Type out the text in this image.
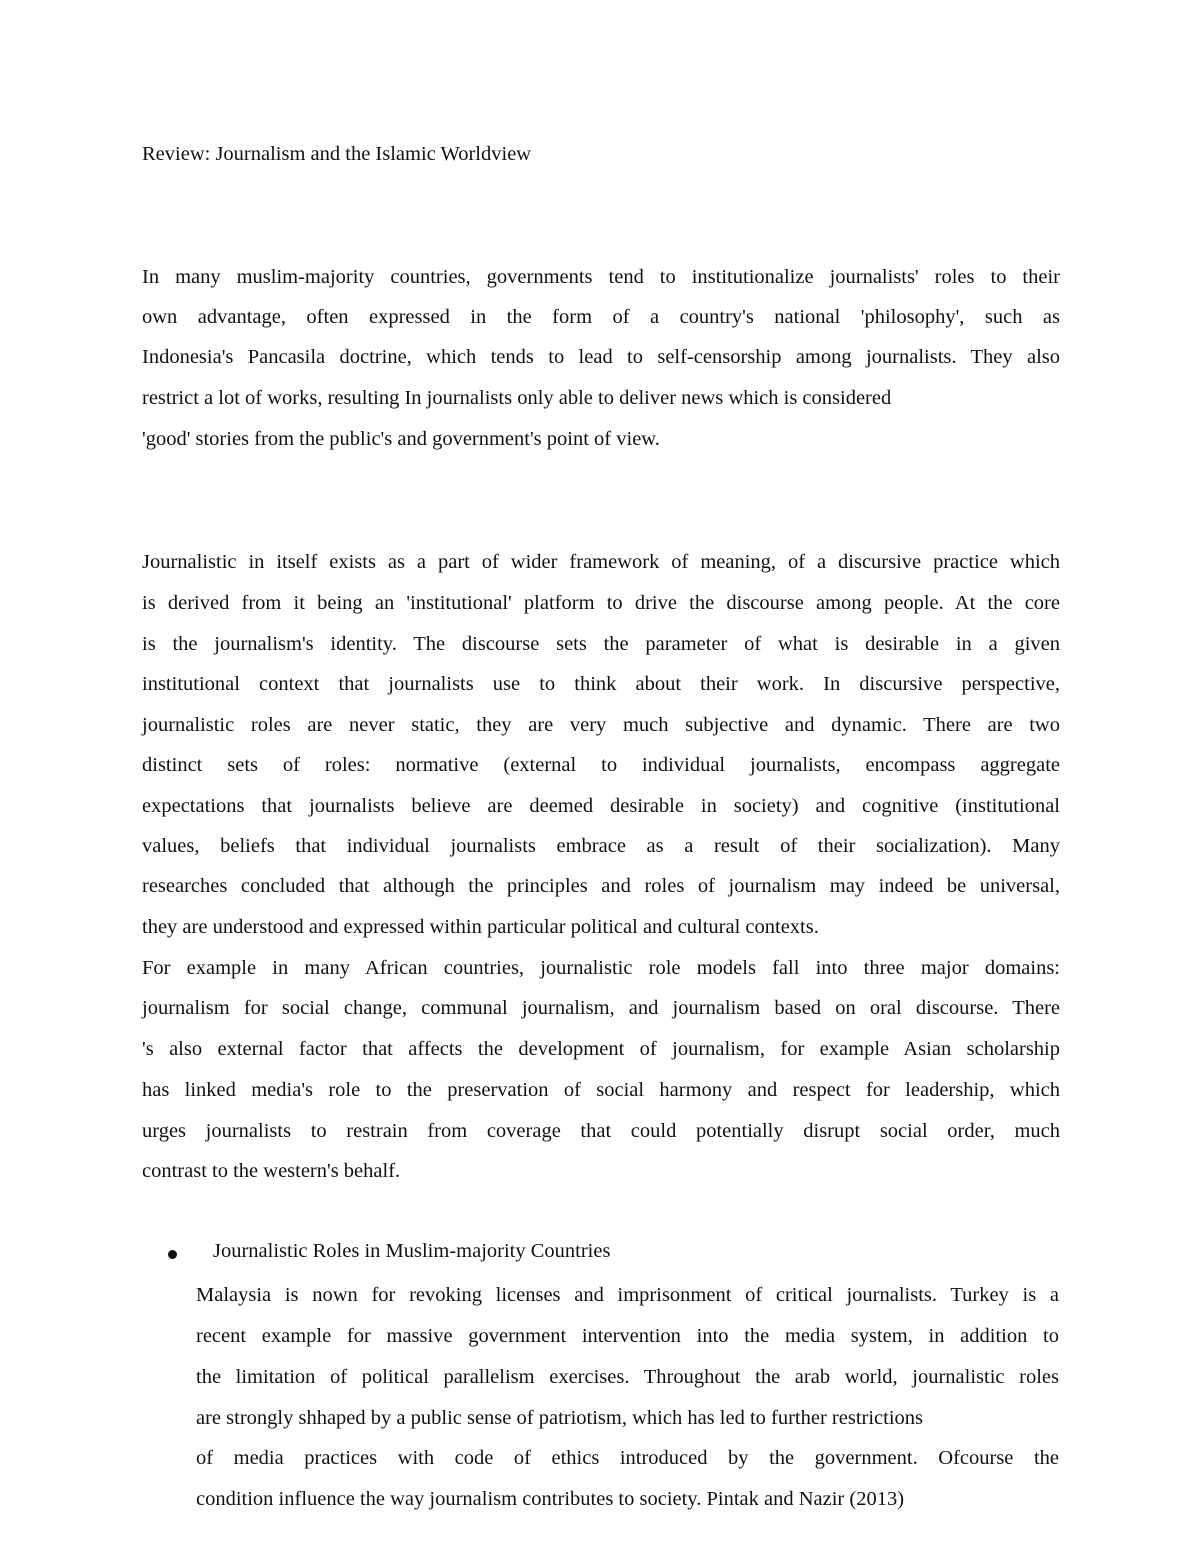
Review: Journalism and the Islamic Worldview
In many muslim-majority countries, governments tend to institutionalize journalists' roles to their
own advantage, often expressed in the form of a country's national 'philosophy', such as
Indonesia's Pancasila doctrine, which tends to lead to self-censorship among journalists. They also
restrict a lot of works, resulting In journalists only able to deliver news which is considered
'good' stories from the public's and government's point of view.
Journalistic in itself exists as a part of wider framework of meaning, of a discursive practice which
is derived from it being an 'institutional' platform to drive the discourse among people. At the core
is the journalism's identity. The discourse sets the parameter of what is desirable in a given
institutional context that journalists use to think about their work. In discursive perspective,
journalistic roles are never static, they are very much subjective and dynamic. There are two
distinct sets of roles: normative (external to individual journalists, encompass aggregate
expectations that journalists believe are deemed desirable in society) and cognitive (institutional
values, beliefs that individual journalists embrace as a result of their socialization). Many
researches concluded that although the principles and roles of journalism may indeed be universal,
they are understood and expressed within particular political and cultural contexts.
For example in many African countries, journalistic role models fall into three major domains:
journalism for social change, communal journalism, and journalism based on oral discourse. There
's also external factor that affects the development of journalism, for example Asian scholarship
has linked media's role to the preservation of social harmony and respect for leadership, which
urges journalists to restrain from coverage that could potentially disrupt social order, much
contrast to the western's behalf.
Journalistic Roles in Muslim-majority Countries
Malaysia is nown for revoking licenses and imprisonment of critical journalists. Turkey is a
recent example for massive government intervention into the media system, in addition to
the limitation of political parallelism exercises. Throughout the arab world, journalistic roles
are strongly shhaped by a public sense of patriotism, which has led to further restrictions
of media practices with code of ethics introduced by the government. Ofcourse the
condition influence the way journalism contributes to society. Pintak and Nazir (2013)
